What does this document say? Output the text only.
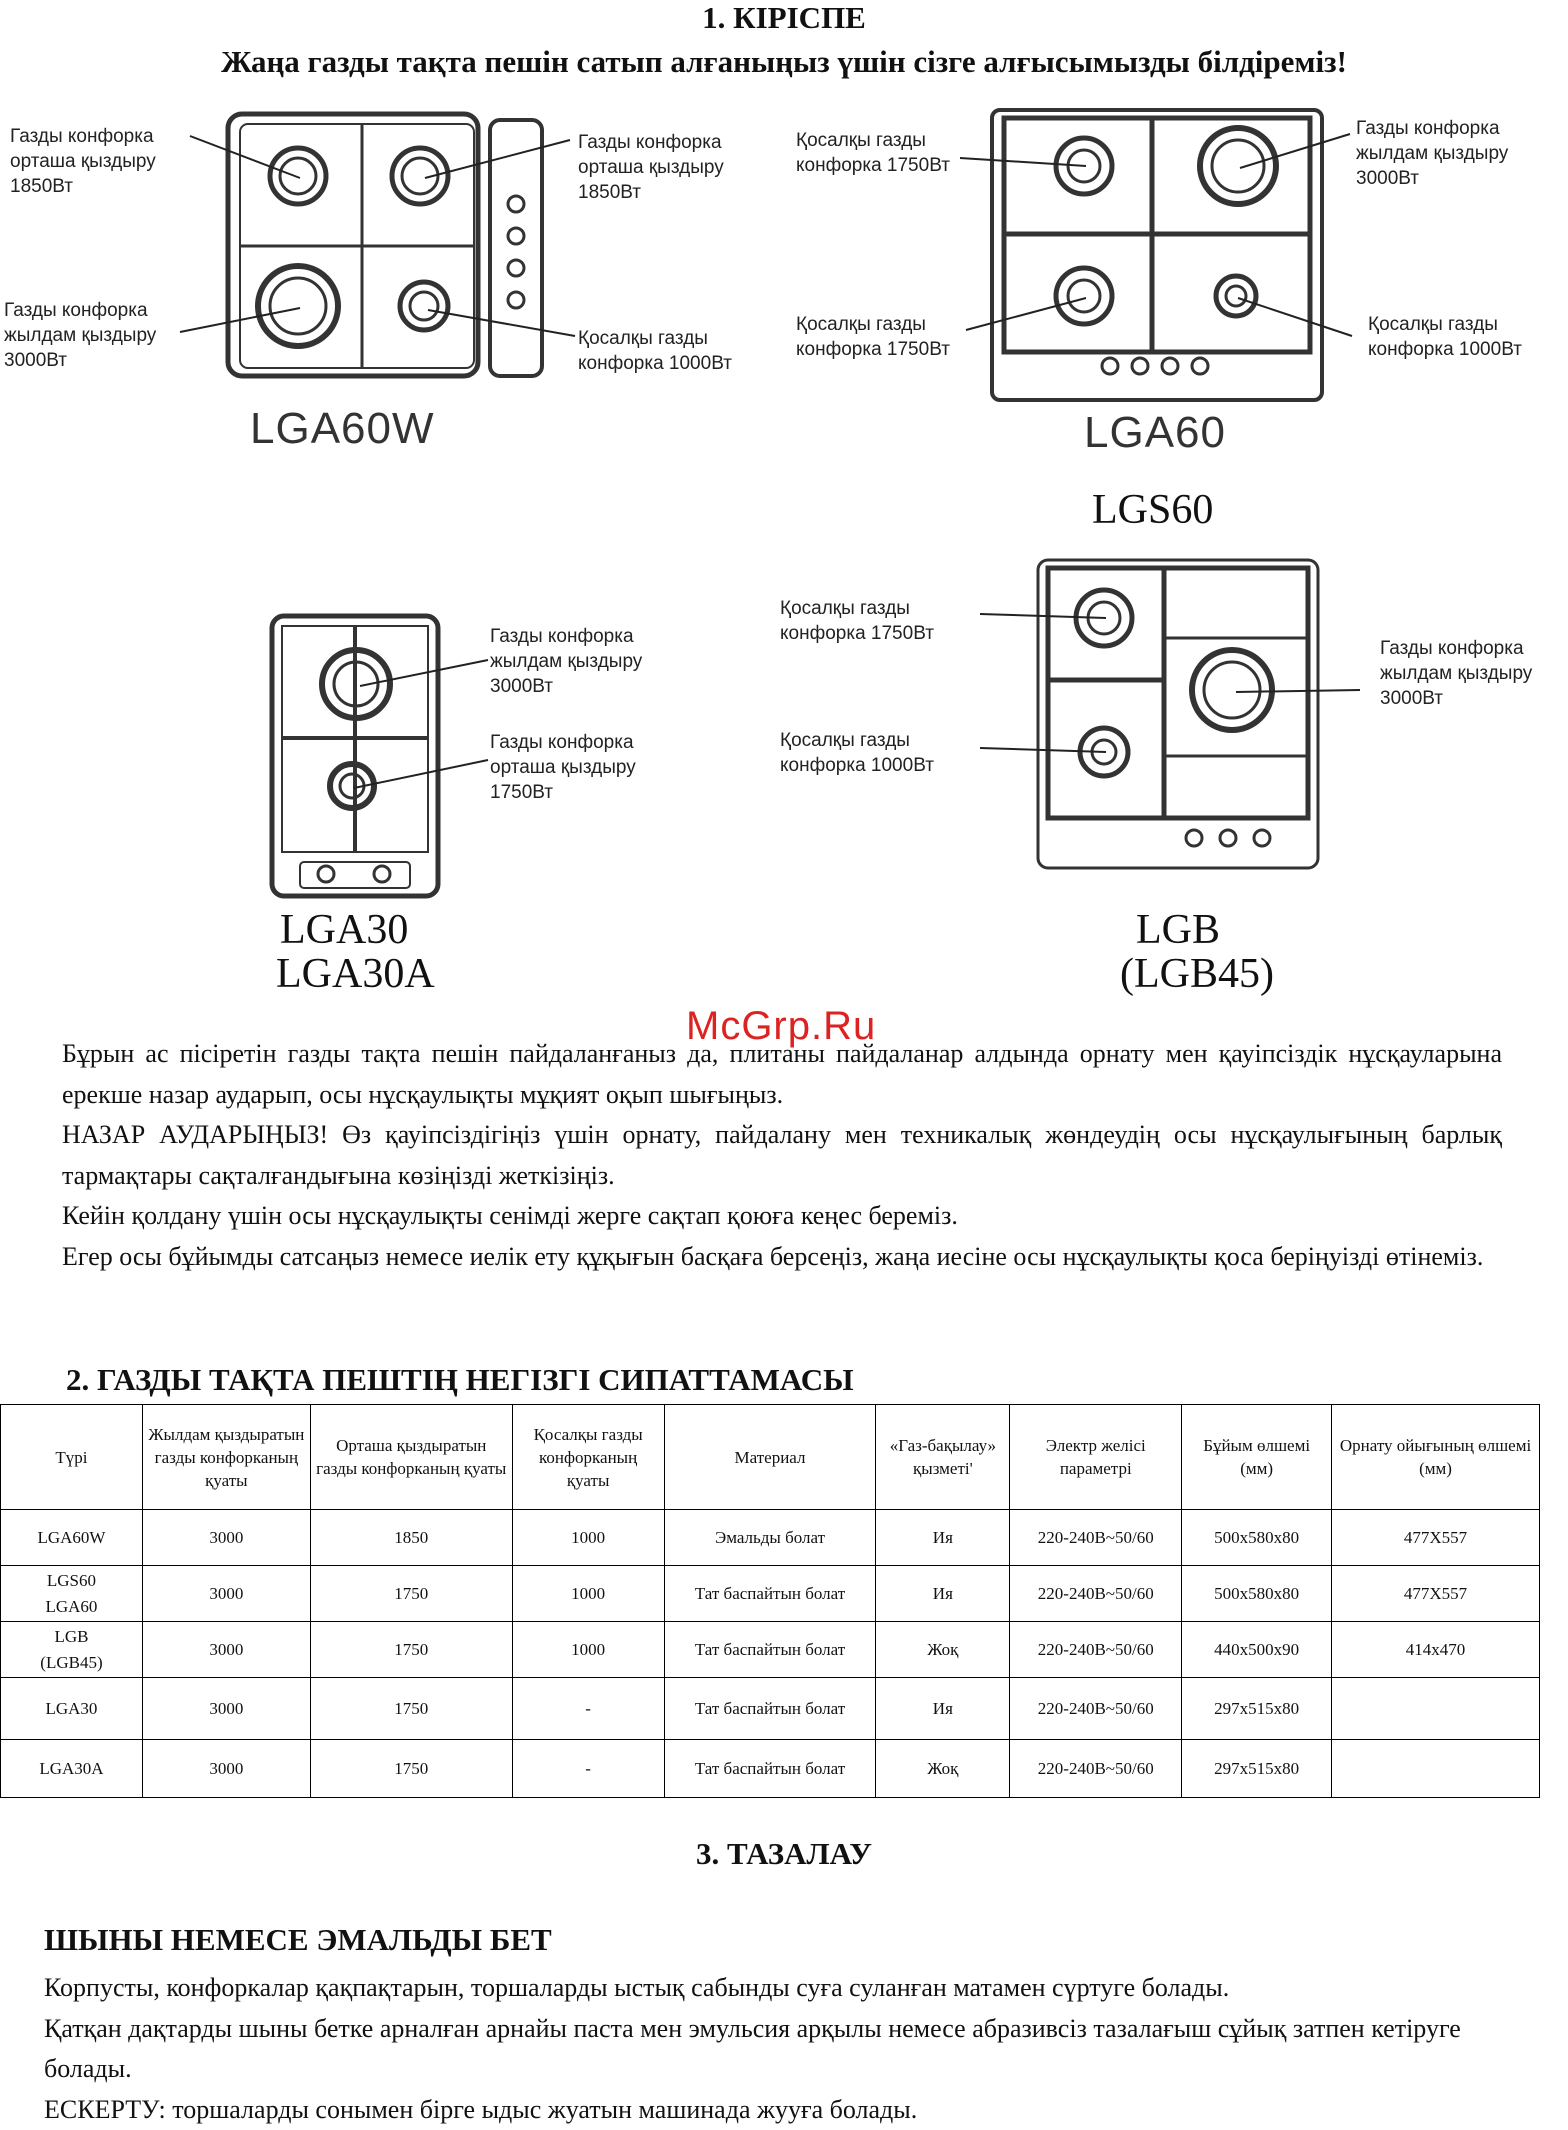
1. КІРІСПЕ
Жаңа газды тақта пешін сатып алғаныңыз үшін сізге алғысымызды білдіреміз!
Газды конфорка орташа қыздыру 1850Вт
Газды конфорка орташа қыздыру 1850Вт
Газды конфорка жылдам қыздыру 3000Вт
Қосалқы газды конфорка 1000Вт
LGA60W
Қосалқы газды конфорка 1750Вт
Газды конфорка жылдам қыздыру 3000Вт
Қосалқы газды конфорка 1750Вт
Қосалқы газды конфорка 1000Вт
LGA60
LGS60
Газды конфорка жылдам қыздыру 3000Вт
Газды конфорка орташа қыздыру 1750Вт
LGA30
LGA30A
Қосалқы газды конфорка 1750Вт
Газды конфорка жылдам қыздыру 3000Вт
Қосалқы газды конфорка 1000Вт
LGB
(LGB45)

Бұрын ас пісіретін газды тақта пешін пайдаланғаныз да, плитаны пайдаланар алдында орнату мен қауіпсіздік нұсқауларына ерекше назар аударып, осы нұсқаулықты мұқият оқып шығыңыз.

НАЗАР АУДАРЫҢЫЗ! Өз қауіпсіздігіңіз үшін орнату, пайдалану мен техникалық жөндеудің осы нұсқаулығының барлық тармақтары сақталғандығына көзіңізді жеткізіңіз.

Кейін қолдану үшін осы нұсқаулықты сенімді жерге сақтап қоюға кеңес береміз.

Егер осы бұйымды сатсаңыз немесе иелік ету құқығын басқаға берсеңіз, жаңа иесіне осы нұсқаулықты қоса беріңуізді өтінеміз.

McGrp.Ru
2. ГАЗДЫ ТАҚТА ПЕШТІҢ НЕГІЗГІ СИПАТТАМАСЫ
Түрі	Жылдам қыздыратын газды конфорканың қуаты	Орташа қыздыратын газды конфорканың қуаты	Қосалқы газды конфорканың қуаты	Материал	«Газ-бақылау» қызметі'	Электр желісі параметрі	Бұйым өлшемі (мм)	Орнату ойығының өлшемі (мм)
LGA60W	3000	1850	1000	Эмальды болат	Ия	220-240В~50/60	500х580х80	477Х557
LGS60
LGA60	3000	1750	1000	Тат баспайтын болат	Ия	220-240В~50/60	500х580х80	477Х557
LGB
(LGB45)	3000	1750	1000	Тат баспайтын болат	Жоқ	220-240В~50/60	440х500х90	414х470
LGA30	3000	1750	-	Тат баспайтын болат	Ия	220-240В~50/60	297х515х80	
LGA30A	3000	1750	-	Тат баспайтын болат	Жоқ	220-240В~50/60	297х515х80	
3. ТАЗАЛАУ
ШЫНЫ НЕМЕСЕ ЭМАЛЬДЫ БЕТ
Корпусты, конфоркалар қақпақтарын, торшаларды ыстық сабынды суға суланған матамен сүртуге болады.
Қатқан дақтарды шыны бетке арналған арнайы паста мен эмульсия арқылы немесе абразивсіз тазалағыш сұйық затпен кетіруге болады.
ЕСКЕРТУ: торшаларды сонымен бірге ыдыс жуатын машинада жууға болады.
